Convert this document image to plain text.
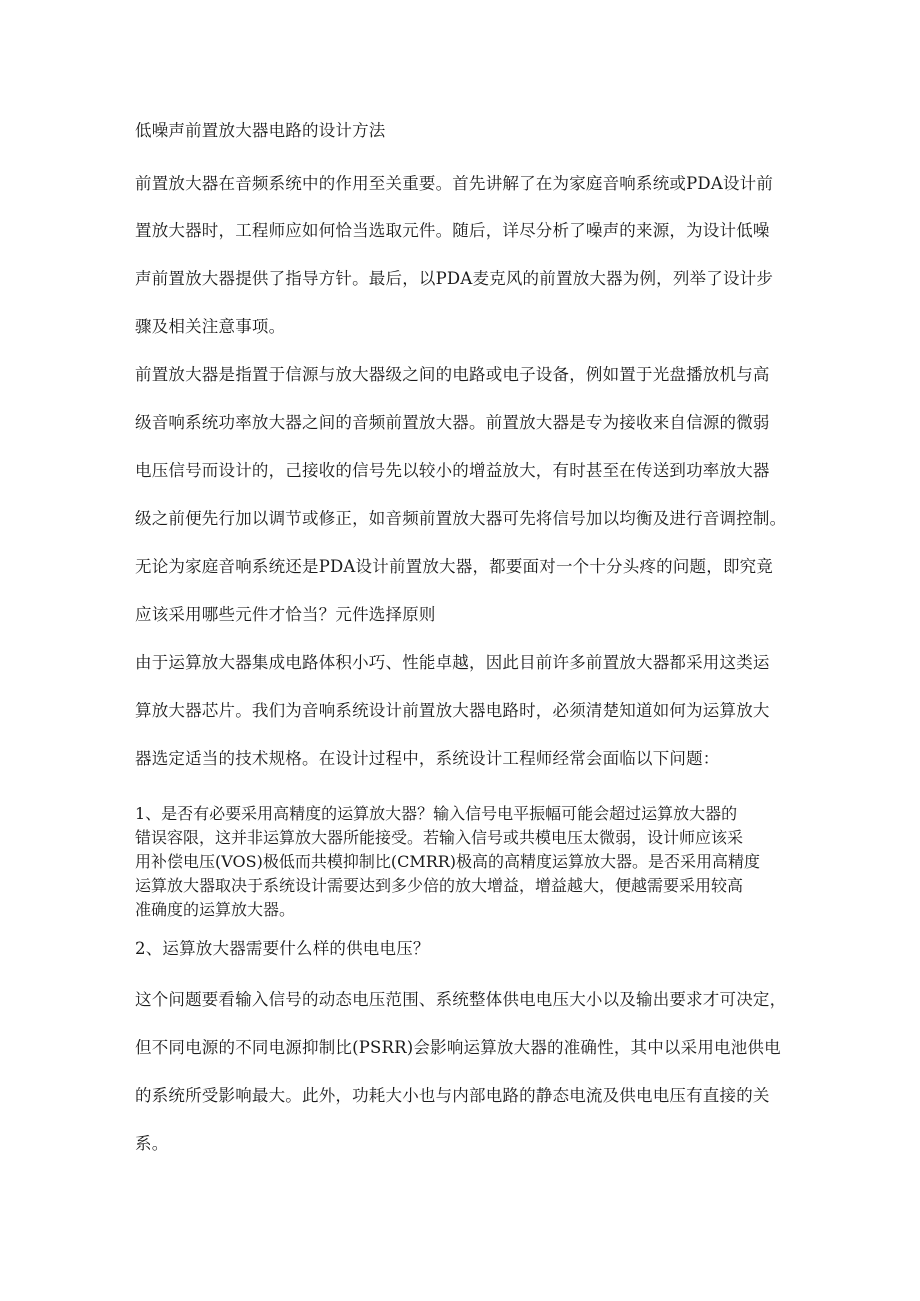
低噪声前置放大器电路的设计方法
前置放大器在音频系统中的作用至关重要。首先讲解了在为家庭音响系统或PDA设计前
置放大器时，工程师应如何恰当选取元件。随后，详尽分析了噪声的来源，为设计低噪
声前置放大器提供了指导方针。最后，以PDA麦克风的前置放大器为例，列举了设计步
骤及相关注意事项。
前置放大器是指置于信源与放大器级之间的电路或电子设备，例如置于光盘播放机与高
级音响系统功率放大器之间的音频前置放大器。前置放大器是专为接收来自信源的微弱
电压信号而设计的，己接收的信号先以较小的增益放大，有时甚至在传送到功率放大器
级之前便先行加以调节或修正，如音频前置放大器可先将信号加以均衡及进行音调控制。
无论为家庭音响系统还是PDA设计前置放大器，都要面对一个十分头疼的问题，即究竟
应该采用哪些元件才恰当？元件选择原则
由于运算放大器集成电路体积小巧、性能卓越，因此目前许多前置放大器都采用这类运
算放大器芯片。我们为音响系统设计前置放大器电路时，必须清楚知道如何为运算放大
器选定适当的技术规格。在设计过程中，系统设计工程师经常会面临以下问题：
1、是否有必要采用高精度的运算放大器？输入信号电平振幅可能会超过运算放大器的
错误容限，这并非运算放大器所能接受。若输入信号或共模电压太微弱，设计师应该采
用补偿电压(VOS)极低而共模抑制比(CMRR)极高的高精度运算放大器。是否采用高精度
运算放大器取决于系统设计需要达到多少倍的放大增益，增益越大，便越需要采用较高
准确度的运算放大器。
2、运算放大器需要什么样的供电电压？
这个问题要看输入信号的动态电压范围、系统整体供电电压大小以及输出要求才可决定，
但不同电源的不同电源抑制比(PSRR)会影响运算放大器的准确性，其中以采用电池供电
的系统所受影响最大。此外，功耗大小也与内部电路的静态电流及供电电压有直接的关
系。
